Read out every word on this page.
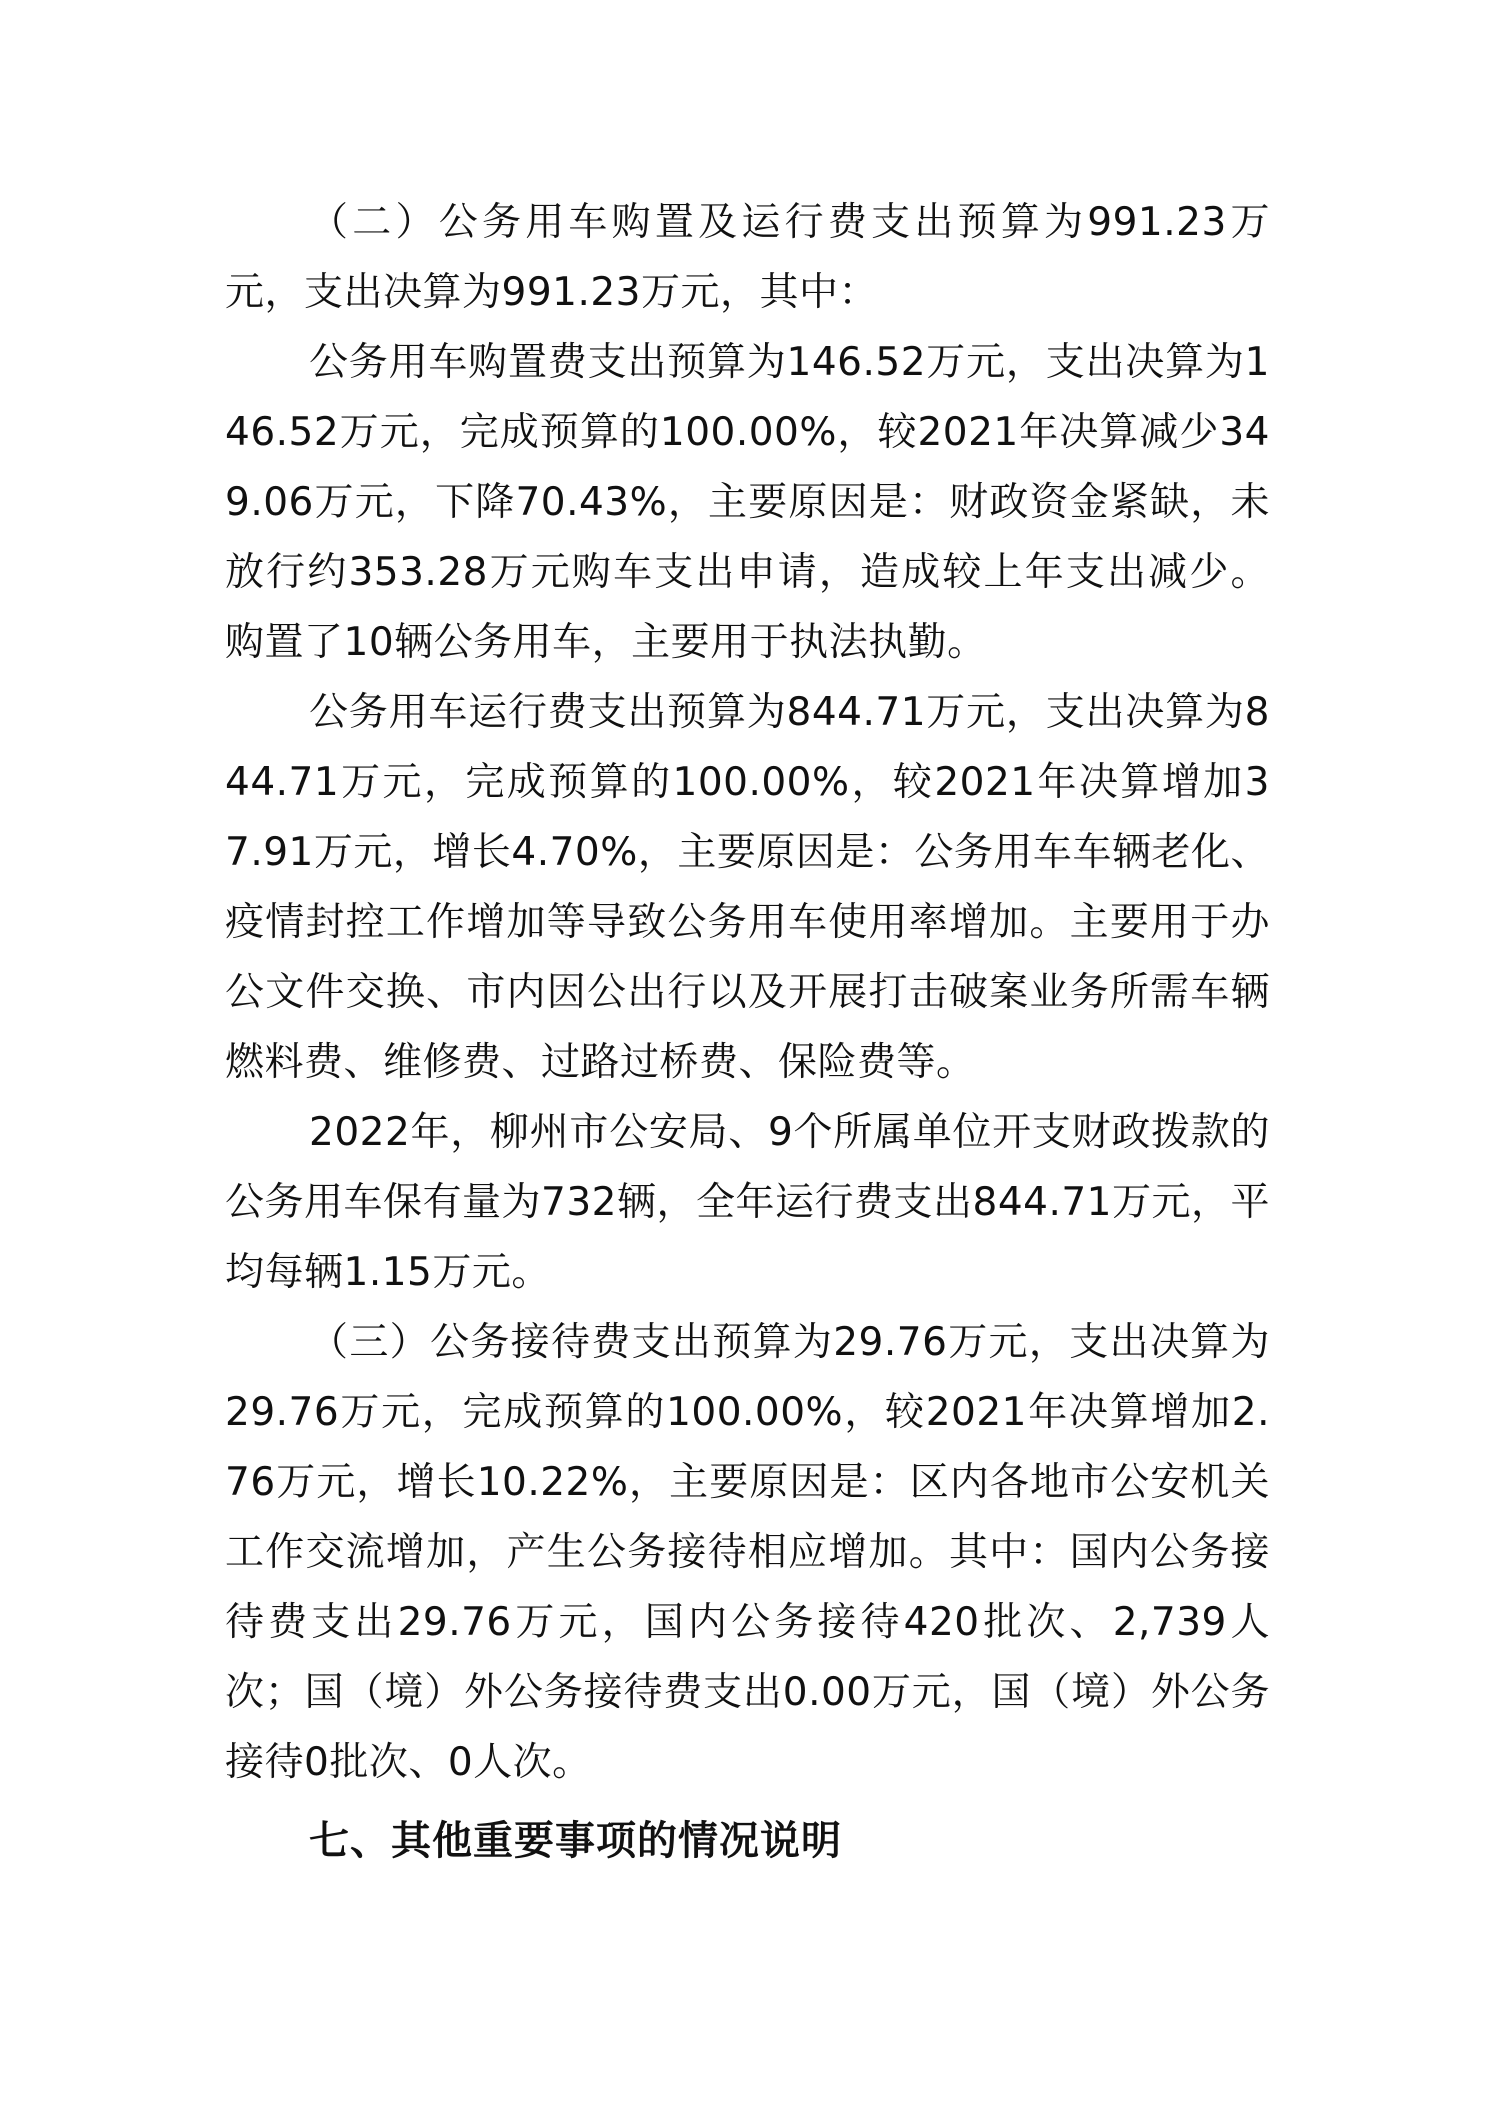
（二）公务用车购置及运行费支出预算为991.23万元，支出决算为991.23万元，其中：

公务用车购置费支出预算为146.52万元，支出决算为146.52万元，完成预算的100.00%，较2021年决算减少349.06万元，下降70.43%，主要原因是：财政资金紧缺，未放行约353.28万元购车支出申请，造成较上年支出减少。购置了10辆公务用车，主要用于执法执勤。

公务用车运行费支出预算为844.71万元，支出决算为844.71万元，完成预算的100.00%，较2021年决算增加37.91万元，增长4.70%，主要原因是：公务用车车辆老化、疫情封控工作增加等导致公务用车使用率增加。主要用于办公文件交换、市内因公出行以及开展打击破案业务所需车辆燃料费、维修费、过路过桥费、保险费等。

2022年，柳州市公安局、9个所属单位开支财政拨款的公务用车保有量为732辆，全年运行费支出844.71万元，平均每辆1.15万元。

（三）公务接待费支出预算为29.76万元，支出决算为29.76万元，完成预算的100.00%，较2021年决算增加2.76万元，增长10.22%，主要原因是：区内各地市公安机关工作交流增加，产生公务接待相应增加。其中：国内公务接待费支出29.76万元，国内公务接待420批次、2,739人次；国（境）外公务接待费支出0.00万元，国（境）外公务接待0批次、0人次。

七、其他重要事项的情况说明
